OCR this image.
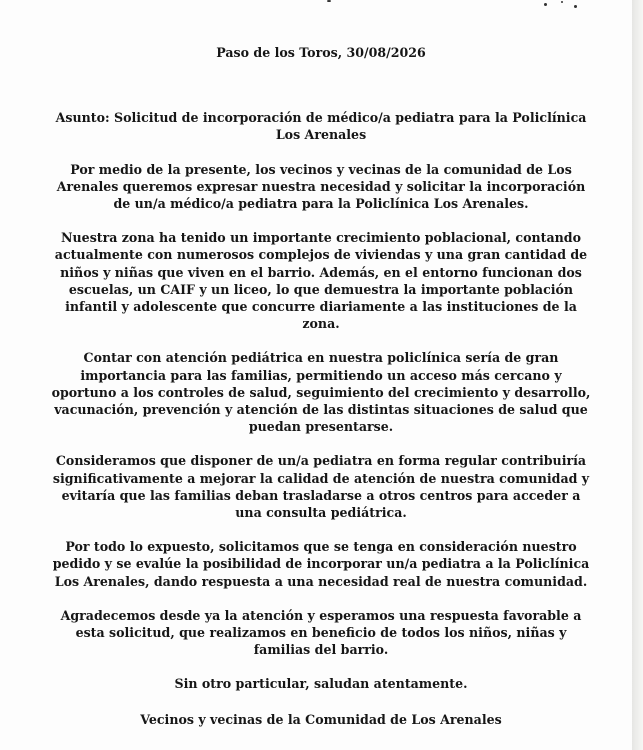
Paso de los Toros, 30/08/2026

Asunto: Solicitud de incorporación de médico/a pediatra para la Policlínica Los Arenales

Por medio de la presente, los vecinos y vecinas de la comunidad de Los Arenales queremos expresar nuestra necesidad y solicitar la incorporación de un/a médico/a pediatra para la Policlínica Los Arenales.

Nuestra zona ha tenido un importante crecimiento poblacional, contando actualmente con numerosos complejos de viviendas y una gran cantidad de niños y niñas que viven en el barrio. Además, en el entorno funcionan dos escuelas, un CAIF y un liceo, lo que demuestra la importante población infantil y adolescente que concurre diariamente a las instituciones de la zona.

Contar con atención pediátrica en nuestra policlínica sería de gran importancia para las familias, permitiendo un acceso más cercano y oportuno a los controles de salud, seguimiento del crecimiento y desarrollo, vacunación, prevención y atención de las distintas situaciones de salud que puedan presentarse.

Consideramos que disponer de un/a pediatra en forma regular contribuiría significativamente a mejorar la calidad de atención de nuestra comunidad y evitaría que las familias deban trasladarse a otros centros para acceder a una consulta pediátrica.

Por todo lo expuesto, solicitamos que se tenga en consideración nuestro pedido y se evalúe la posibilidad de incorporar un/a pediatra a la Policlínica Los Arenales, dando respuesta a una necesidad real de nuestra comunidad.

Agradecemos desde ya la atención y esperamos una respuesta favorable a esta solicitud, que realizamos en beneficio de todos los niños, niñas y familias del barrio.

Sin otro particular, saludan atentamente.

Vecinos y vecinas de la Comunidad de Los Arenales
